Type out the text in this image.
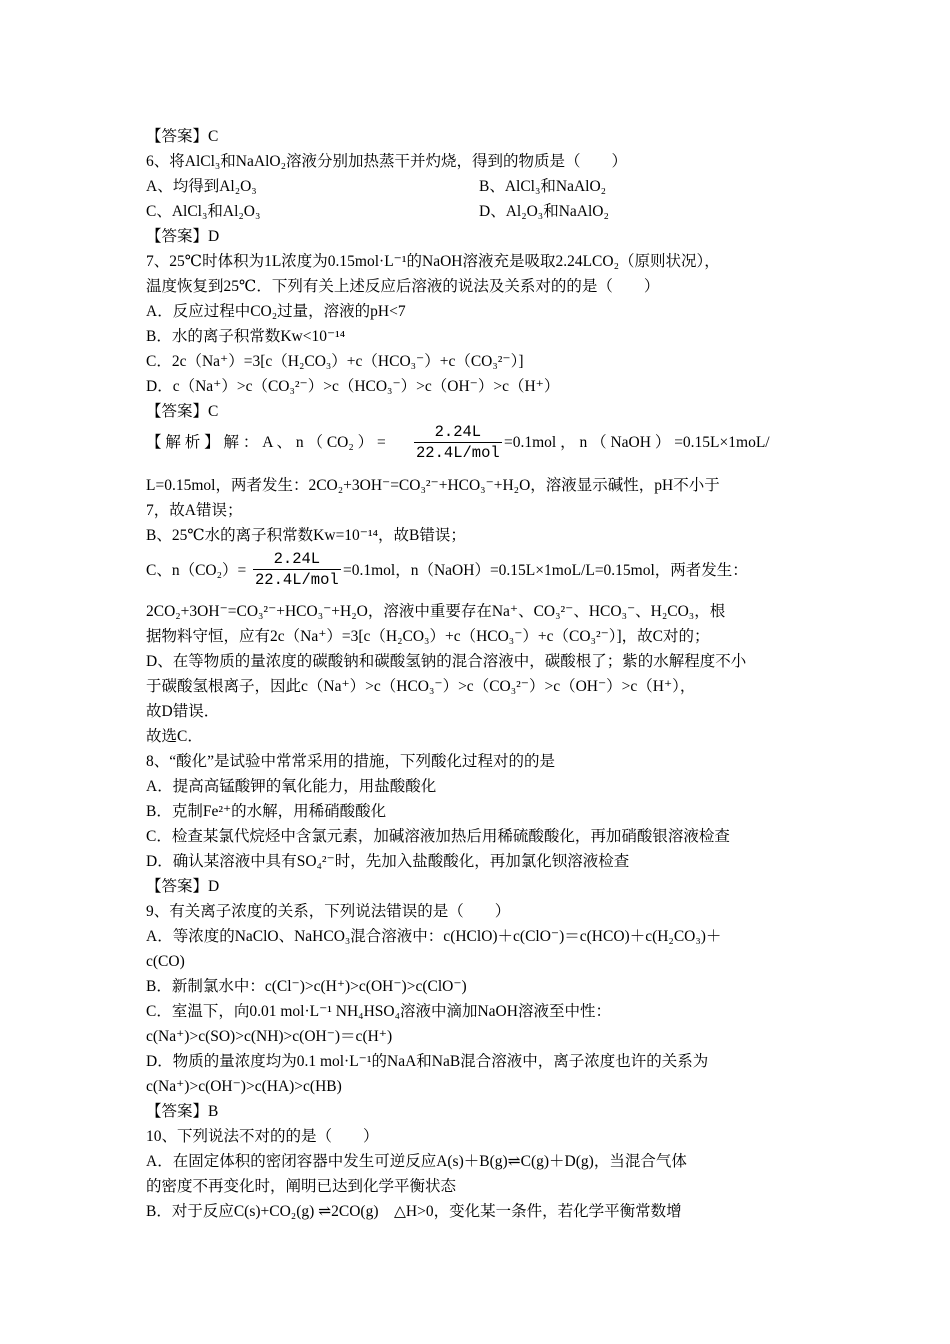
【答案】C
6、将AlCl₃和NaAlO₂溶液分别加热蒸干并灼烧，得到的物质是（　　）
A、均得到Al₂O₃	B、AlCl₃和NaAlO₂
C、AlCl₃和Al₂O₃	D、Al₂O₃和NaAlO₂
【答案】D
7、25℃时体积为1L浓度为0.15mol·L⁻¹的NaOH溶液充是吸取2.24LCO₂（原则状况），
温度恢复到25℃．下列有关上述反应后溶液的说法及关系对的的是（　　）
A．反应过程中CO₂过量，溶液的pH<7
B．水的离子积常数Kw<10⁻¹⁴
C．2c（Na⁺）=3[c（H₂CO₃）+c（HCO₃⁻）+c（CO₃²⁻）]
D．c（Na⁺）>c（CO₃²⁻）>c（HCO₃⁻）>c（OH⁻）>c（H⁺）
【答案】C
【 解 析 】 解 ： A 、 n （ CO₂ ） =
2.24L
22.4L/mol
=0.1mol ， n （ NaOH ） =0.15L×1moL/
L=0.15mol，两者发生：2CO₂+3OH⁻=CO₃²⁻+HCO₃⁻+H₂O，溶液显示碱性，pH不小于
7，故A错误；
B、25℃水的离子积常数Kw=10⁻¹⁴，故B错误；
C、n（CO₂）=
2.24L
22.4L/mol
=0.1mol，n（NaOH）=0.15L×1moL/L=0.15mol，两者发生：
2CO₂+3OH⁻=CO₃²⁻+HCO₃⁻+H₂O，溶液中重要存在Na⁺、CO₃²⁻、HCO₃⁻、H₂CO₃，根
据物料守恒，应有2c（Na⁺）=3[c（H₂CO₃）+c（HCO₃⁻）+c（CO₃²⁻）]，故C对的；
D、在等物质的量浓度的碳酸钠和碳酸氢钠的混合溶液中，碳酸根了；紫的水解程度不小
于碳酸氢根离子，因此c（Na⁺）>c（HCO₃⁻）>c（CO₃²⁻）>c（OH⁻）>c（H⁺），
故D错误．
故选C．
8、“酸化”是试验中常常采用的措施，下列酸化过程对的的是
A．提高高锰酸钾的氧化能力，用盐酸酸化
B．克制Fe²⁺的水解，用稀硝酸酸化
C．检查某氯代烷烃中含氯元素，加碱溶液加热后用稀硫酸酸化，再加硝酸银溶液检查
D．确认某溶液中具有SO₄²⁻时，先加入盐酸酸化，再加氯化钡溶液检查
【答案】D
9、有关离子浓度的关系，下列说法错误的是（　　）
A．等浓度的NaClO、NaHCO₃混合溶液中：c(HClO)＋c(ClO⁻)＝c(HCO)＋c(H₂CO₃)＋
c(CO)
B．新制氯水中：c(Cl⁻)>c(H⁺)>c(OH⁻)>c(ClO⁻)
C．室温下，向0.01 mol·L⁻¹ NH₄HSO₄溶液中滴加NaOH溶液至中性：
c(Na⁺)>c(SO)>c(NH)>c(OH⁻)＝c(H⁺)
D．物质的量浓度均为0.1 mol·L⁻¹的NaA和NaB混合溶液中，离子浓度也许的关系为
c(Na⁺)>c(OH⁻)>c(HA)>c(HB)
【答案】B
10、下列说法不对的的是（　　）
A．在固定体积的密闭容器中发生可逆反应A(s)＋B(g)⇌C(g)＋D(g)，当混合气体
的密度不再变化时，阐明已达到化学平衡状态
B．对于反应C(s)+CO₂(g) ⇌2CO(g)　△H>0，变化某一条件，若化学平衡常数增
